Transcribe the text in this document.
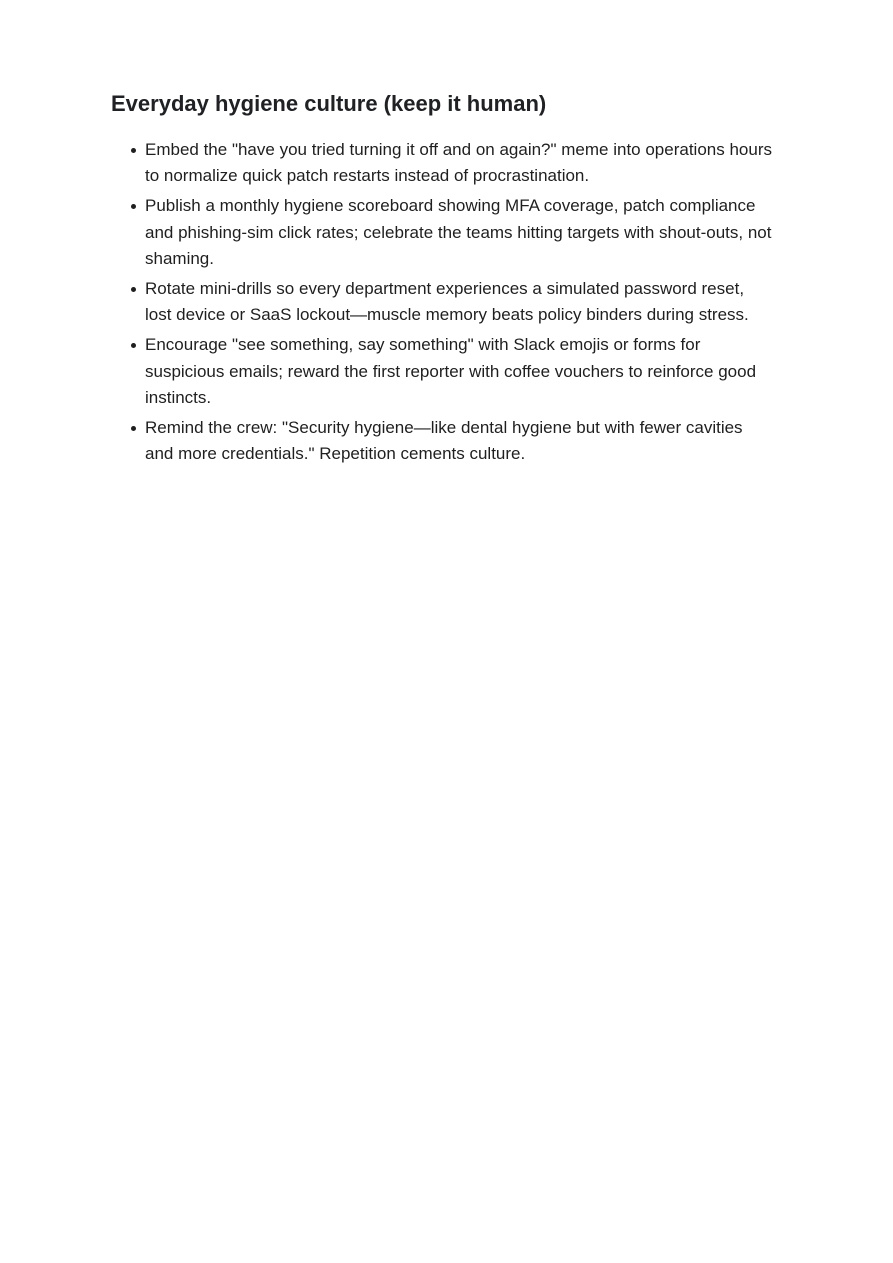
Everyday hygiene culture (keep it human)
Embed the "have you tried turning it off and on again?" meme into operations hours to normalize quick patch restarts instead of procrastination.
Publish a monthly hygiene scoreboard showing MFA coverage, patch compliance and phishing-sim click rates; celebrate the teams hitting targets with shout-outs, not shaming.
Rotate mini-drills so every department experiences a simulated password reset, lost device or SaaS lockout—muscle memory beats policy binders during stress.
Encourage "see something, say something" with Slack emojis or forms for suspicious emails; reward the first reporter with coffee vouchers to reinforce good instincts.
Remind the crew: "Security hygiene—like dental hygiene but with fewer cavities and more credentials." Repetition cements culture.
